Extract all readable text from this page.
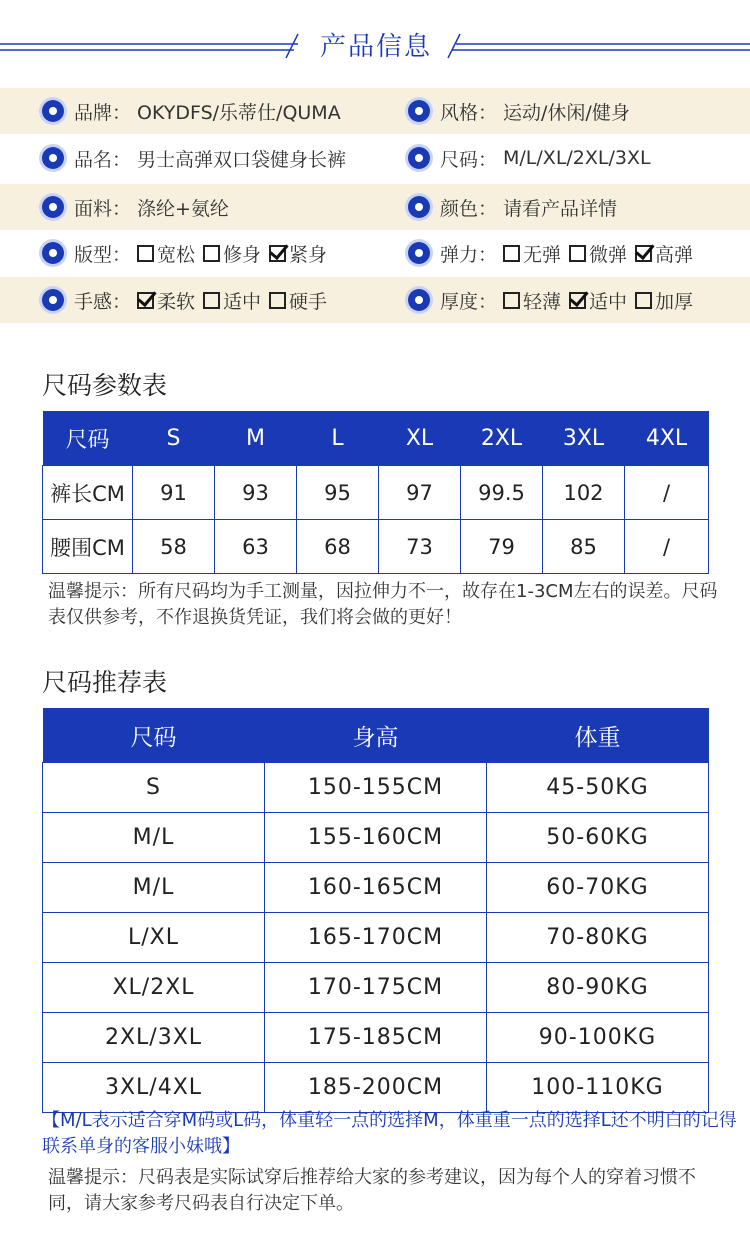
产品信息
品牌： OKYDFS/乐蒂仕/QUMA	风格： 运动/休闲/健身
品名： 男士高弹双口袋健身长裤	尺码： M/L/XL/2XL/3XL
面料： 涤纶+氨纶	颜色： 请看产品详情
版型： 宽松 修身 紧身	弹力： 无弹 微弹 高弹
手感： 柔软 适中 硬手	厚度： 轻薄 适中 加厚
尺码参数表
尺码	S	M	L	XL	2XL	3XL	4XL
裤长CM	91	93	95	97	99.5	102	/
腰围CM	58	63	68	73	79	85	/
温馨提示：所有尺码均为手工测量，因拉伸力不一，故存在1-3CM左右的误差。尺码表仅供参考，不作退换货凭证，我们将会做的更好！
尺码推荐表
尺码	身高	体重
S	150-155CM	45-50KG
M/L	155-160CM	50-60KG
M/L	160-165CM	60-70KG
L/XL	165-170CM	70-80KG
XL/2XL	170-175CM	80-90KG
2XL/3XL	175-185CM	90-100KG
3XL/4XL	185-200CM	100-110KG
【M/L表示适合穿M码或L码，体重轻一点的选择M，体重重一点的选择L还不明白的记得联系单身的客服小妹哦】
温馨提示：尺码表是实际试穿后推荐给大家的参考建议，因为每个人的穿着习惯不同，请大家参考尺码表自行决定下单。
